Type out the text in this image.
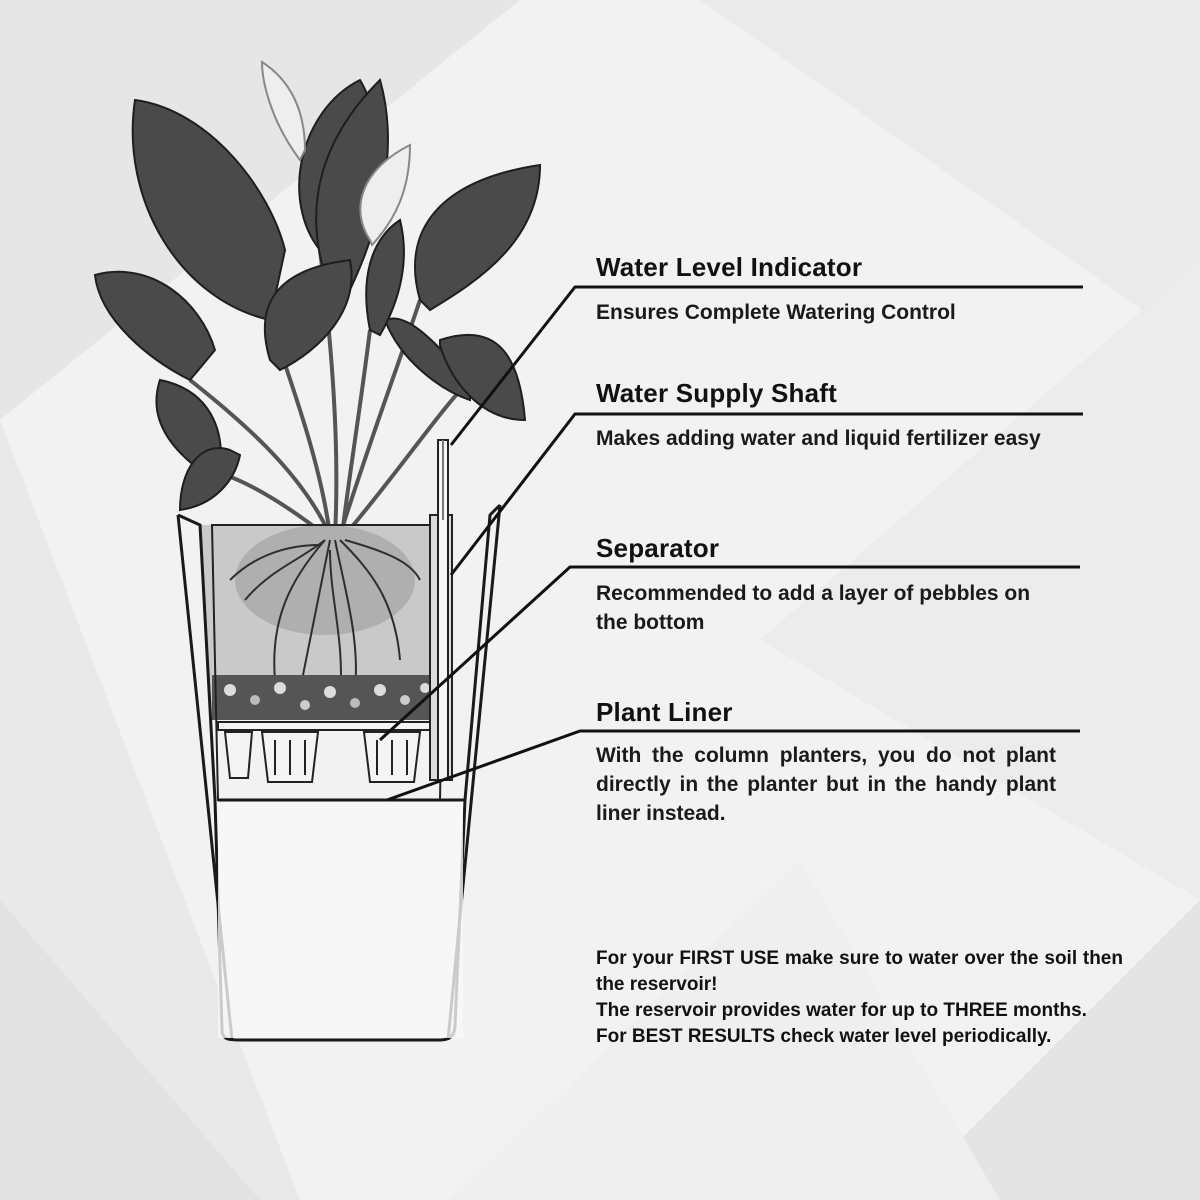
Water Level Indicator
Ensures Complete Watering Control
Water Supply Shaft
Makes adding water and liquid fertilizer easy
Separator
Recommended to add a layer of pebbles on the bottom
Plant Liner
With the column planters, you do not plant directly in the planter but in the handy plant liner instead.

For your FIRST USE make sure to water over the soil then the reservoir!

The reservoir provides water for up to THREE months.

For BEST RESULTS check water level periodically.
